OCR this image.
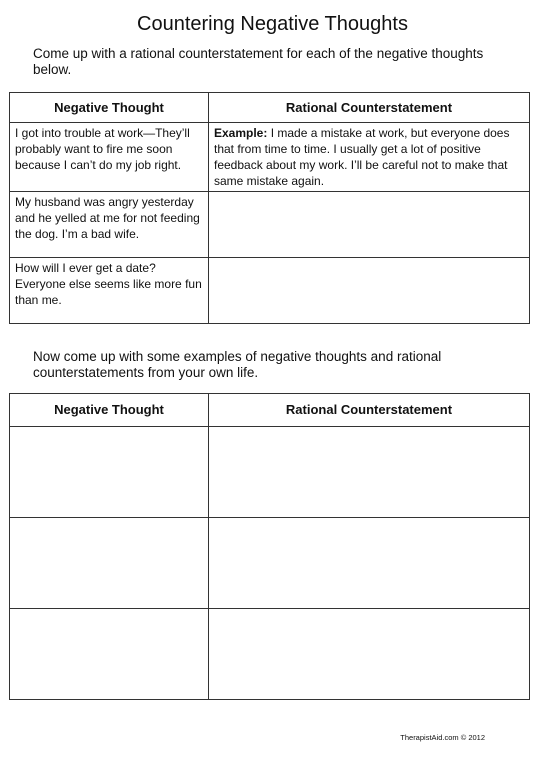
Countering Negative Thoughts
Come up with a rational counterstatement for each of the negative thoughts below.
Negative Thought	Rational Counterstatement
I got into trouble at work—They’ll probably want to fire me soon because I can’t do my job right.	Example: I made a mistake at work, but everyone does that from time to time. I usually get a lot of positive feedback about my work. I’ll be careful not to make that same mistake again.
My husband was angry yesterday and he yelled at me for not feeding the dog. I’m a bad wife.	
How will I ever get a date? Everyone else seems like more fun than me.	
Now come up with some examples of negative thoughts and rational counterstatements from your own life.
Negative Thought	Rational Counterstatement

TherapistAid.com © 2012
